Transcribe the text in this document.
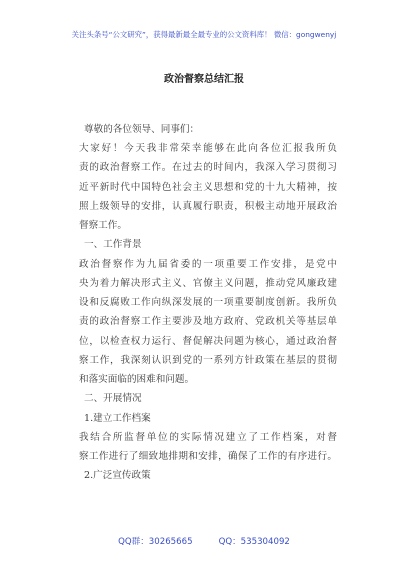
关注头条号“公文研究”，获得最新最全最专业的公文资料库！ 微信：gongwenyj
政治督察总结汇报
尊敬的各位领导、同事们：
大家好！今天我非常荣幸能够在此向各位汇报我所负
责的政治督察工作。在过去的时间内，我深入学习贯彻习
近平新时代中国特色社会主义思想和党的十九大精神，按
照上级领导的安排，认真履行职责，积极主动地开展政治
督察工作。
一、工作背景
政治督察作为九届省委的一项重要工作安排，是党中
央为着力解决形式主义、官僚主义问题，推动党风廉政建
设和反腐败工作向纵深发展的一项重要制度创新。我所负
责的政治督察工作主要涉及地方政府、党政机关等基层单
位，以检查权力运行、督促解决问题为核心，通过政治督
察工作，我深刻认识到党的一系列方针政策在基层的贯彻
和落实面临的困难和问题。
二、开展情况
1.建立工作档案
我结合所监督单位的实际情况建立了工作档案，对督
察工作进行了细致地排期和安排，确保了工作的有序进行。
2.广泛宣传政策
QQ群：30265665	QQ：535304092
